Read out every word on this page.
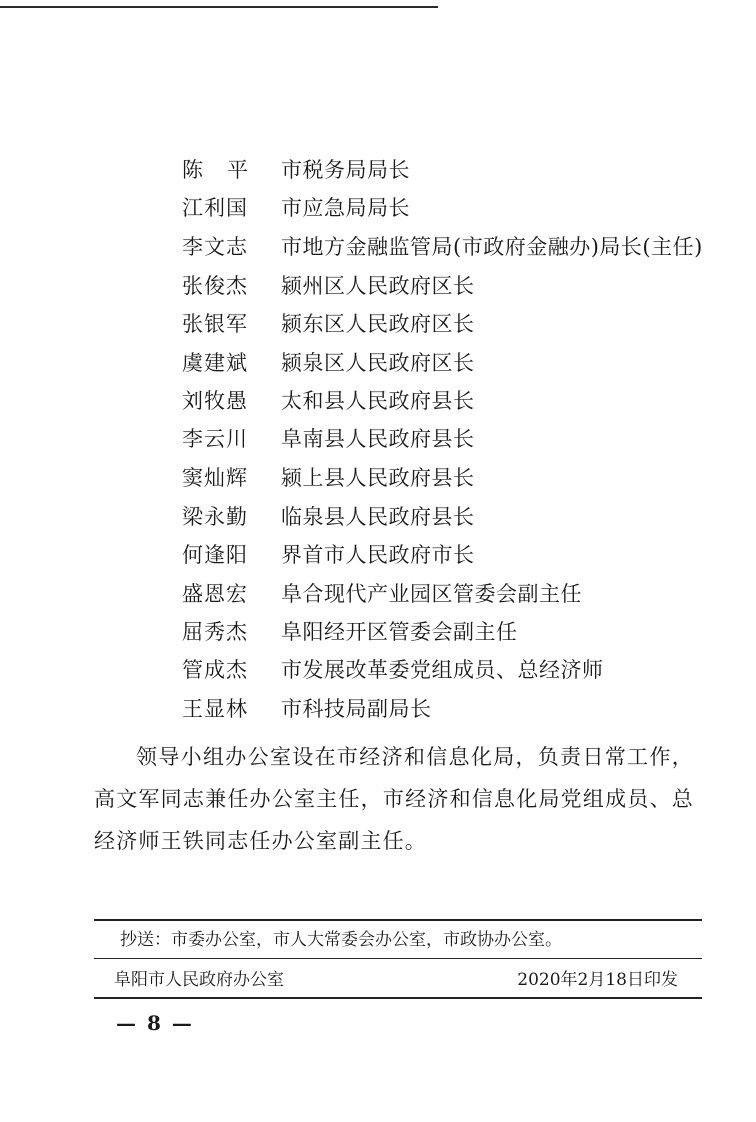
陈平 市税务局局长
江利国 市应急局局长
李文志 市地方金融监管局(市政府金融办)局长(主任)
张俊杰 颍州区人民政府区长
张银军 颍东区人民政府区长
虞建斌 颍泉区人民政府区长
刘牧愚 太和县人民政府县长
李云川 阜南县人民政府县长
窦灿辉 颍上县人民政府县长
梁永勤 临泉县人民政府县长
何逢阳 界首市人民政府市长
盛恩宏 阜合现代产业园区管委会副主任
屈秀杰 阜阳经开区管委会副主任
管成杰 市发展改革委党组成员、总经济师
王显林 市科技局副局长

领导小组办公室设在市经济和信息化局，负责日常工作，高文军同志兼任办公室主任，市经济和信息化局党组成员、总经济师王铁同志任办公室副主任。

抄送：市委办公室，市人大常委会办公室，市政协办公室。
阜阳市人民政府办公室	2020年2月18日印发
— 8 —
